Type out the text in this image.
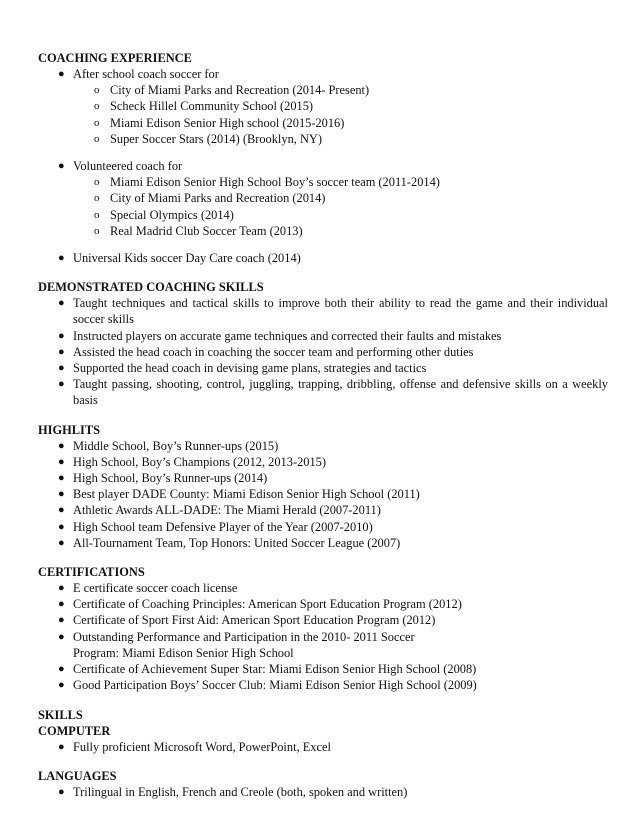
COACHING EXPERIENCE
● After school coach soccer for
o City of Miami Parks and Recreation (2014- Present)
o Scheck Hillel Community School (2015)
o Miami Edison Senior High school (2015-2016)
o Super Soccer Stars (2014) (Brooklyn, NY)
● Volunteered coach for
o Miami Edison Senior High School Boy’s soccer team (2011-2014)
o City of Miami Parks and Recreation (2014)
o Special Olympics (2014)
o Real Madrid Club Soccer Team (2013)
● Universal Kids soccer Day Care coach (2014)
DEMONSTRATED COACHING SKILLS
● Taught techniques and tactical skills to improve both their ability to read the game and their individual soccer skills
● Instructed players on accurate game techniques and corrected their faults and mistakes
● Assisted the head coach in coaching the soccer team and performing other duties
● Supported the head coach in devising game plans, strategies and tactics
● Taught passing, shooting, control, juggling, trapping, dribbling, offense and defensive skills on a weekly basis
HIGHLITS
● Middle School, Boy’s Runner-ups (2015)
● High School, Boy’s Champions (2012, 2013-2015)
● High School, Boy’s Runner-ups (2014)
● Best player DADE County: Miami Edison Senior High School (2011)
● Athletic Awards ALL-DADE: The Miami Herald (2007-2011)
● High School team Defensive Player of the Year (2007-2010)
● All-Tournament Team, Top Honors: United Soccer League (2007)
CERTIFICATIONS
● E certificate soccer coach license
● Certificate of Coaching Principles: American Sport Education Program (2012)
● Certificate of Sport First Aid: American Sport Education Program (2012)
● Outstanding Performance and Participation in the 2010- 2011 Soccer Program: Miami Edison Senior High School
● Certificate of Achievement Super Star: Miami Edison Senior High School (2008)
● Good Participation Boys’ Soccer Club: Miami Edison Senior High School (2009)
SKILLS
COMPUTER
● Fully proficient Microsoft Word, PowerPoint, Excel
LANGUAGES
● Trilingual in English, French and Creole (both, spoken and written)
